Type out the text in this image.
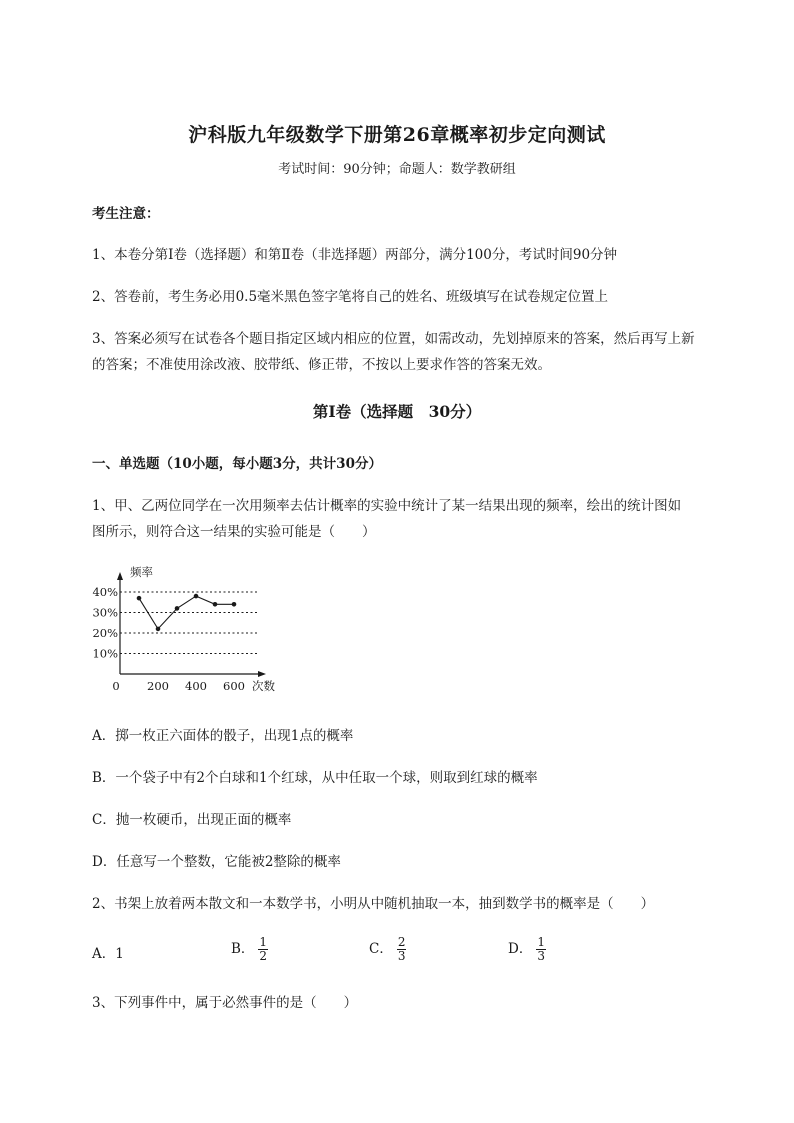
沪科版九年级数学下册第26章概率初步定向测试
考试时间：90分钟；命题人：数学教研组
考生注意：
1、本卷分第I卷（选择题）和第Ⅱ卷（非选择题）两部分，满分100分，考试时间90分钟
2、答卷前，考生务必用0.5毫米黑色签字笔将自己的姓名、班级填写在试卷规定位置上
3、答案必须写在试卷各个题目指定区域内相应的位置，如需改动，先划掉原来的答案，然后再写上新
的答案；不准使用涂改液、胶带纸、修正带，不按以上要求作答的答案无效。
第I卷（选择题　30分）
一、单选题（10小题，每小题3分，共计30分）
1、甲、乙两位同学在一次用频率去估计概率的实验中统计了某一结果出现的频率，绘出的统计图如
图所示，则符合这一结果的实验可能是（　　）
10%
20%
30%
40%
0 200 400 600
频率
次数
A．掷一枚正六面体的骰子，出现1点的概率
B．一个袋子中有2个白球和1个红球，从中任取一个球，则取到红球的概率
C．抛一枚硬币，出现正面的概率
D．任意写一个整数，它能被2整除的概率
2、书架上放着两本散文和一本数学书，小明从中随机抽取一本，抽到数学书的概率是（　　）
A．1	B． $\frac{1}{2}$	C． $\frac{2}{3}$	D． $\frac{1}{3}$
3、下列事件中，属于必然事件的是（　　）
